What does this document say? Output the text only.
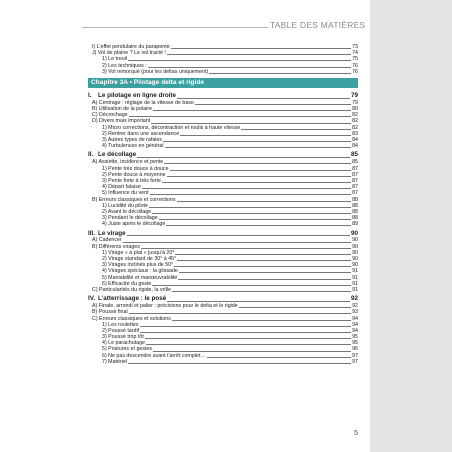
TABLE DES MATIÈRES
I) L’effet pendulaire du parapente	73
J) Vol de plaine ? Le vol tracté !	74
1) Le treuil	75
2) Les techniques :	76
3) Vol remorqué (pour les deltas uniquement)	76
Chapitre 3A • Pilotage delta et rigide
I. Le pilotage en ligne droite	79
A) Centrage : réglage de la vitesse de base	79
B) Utilisation de la polaire	80
C) Décrochage	82
D) Divers mais important	82
1) Micro corrections, décontraction et roulis à haute vitesse	82
2) Rentrer dans une ascendance	83
3) Autres types de rafales	84
4) Turbulences en général	84
II. Le décollage	85
A) Assiette, incidence et pente	85
1) Pente très douce à douce	87
2) Pente douce à moyenne	87
3) Pente forte à très forte	87
4) Départ falaise	87
5) Influence du vent	87
B) Erreurs classiques et corrections	88
1) Lucidité du pilote	88
2) Avant le décollage	88
3) Pendant le décollage	88
4) Juste après le décollage	89
III. Le virage	90
A) Cadencer	90
B) Différents virages	90
1) Virage « à plat » jusqu’à 20°	90
2) Virage standard de 30° à 45°	90
3) Virages inclinés plus de 50°	90
4) Virages spéciaux : la glissade	91
5) Maniabilité et manœuvrabilité	91
6) Efficacité du geste	91
C) Particularités du rigide, la vrille	91
IV. L’atterrissage : le posé	92
A) Finale, arrondi et palier : précisions pour le delta et le rigide	92
B) Poussé final	93
C) Erreurs classiques et solutions	94
1) Les roulettes	94
2) Poussé tardif	94
3) Poussé trop tôt	95
4) Le parachutage	95
5) Postures et gestes	96
6) Ne pas descendre avant l’arrêt complet…	97
7) Matériel	97
5
